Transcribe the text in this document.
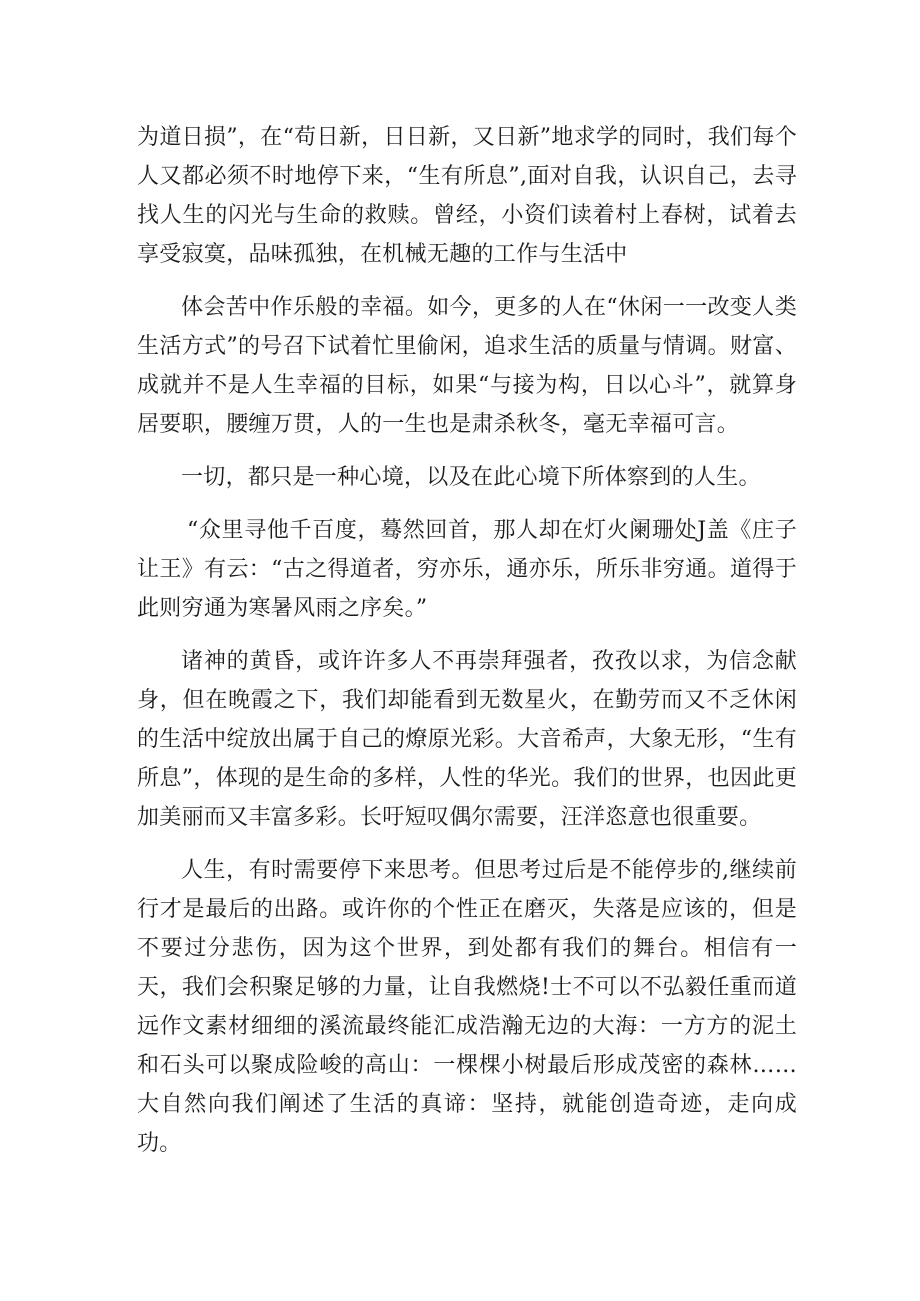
为道日损”，在“苟日新，日日新，又日新”地求学的同时，我们每个人又都必须不时地停下来，“生有所息”,面对自我，认识自己，去寻找人生的闪光与生命的救赎。曾经，小资们读着村上春树，试着去享受寂寞，品味孤独，在机械无趣的工作与生活中

体会苦中作乐般的幸福。如今，更多的人在“休闲一一改变人类生活方式”的号召下试着忙里偷闲，追求生活的质量与情调。财富、成就并不是人生幸福的目标，如果“与接为构，日以心斗”，就算身居要职，腰缠万贯，人的一生也是肃杀秋冬，毫无幸福可言。

一切，都只是一种心境，以及在此心境下所体察到的人生。

“众里寻他千百度，蓦然回首，那人却在灯火阑珊处J盖《庄子让王》有云：“古之得道者，穷亦乐，通亦乐，所乐非穷通。道得于此则穷通为寒暑风雨之序矣。”

诸神的黄昏，或许许多人不再崇拜强者，孜孜以求，为信念献身，但在晚霞之下，我们却能看到无数星火，在勤劳而又不乏休闲的生活中绽放出属于自己的燎原光彩。大音希声，大象无形，“生有所息”，体现的是生命的多样，人性的华光。我们的世界，也因此更加美丽而又丰富多彩。长吁短叹偶尔需要，汪洋恣意也很重要。

人生，有时需要停下来思考。但思考过后是不能停步的,继续前行才是最后的出路。或许你的个性正在磨灭，失落是应该的，但是不要过分悲伤，因为这个世界，到处都有我们的舞台。相信有一天，我们会积聚足够的力量，让自我燃烧!士不可以不弘毅任重而道远作文素材细细的溪流最终能汇成浩瀚无边的大海：一方方的泥土和石头可以聚成险峻的高山：一棵棵小树最后形成茂密的森林……大自然向我们阐述了生活的真谛：坚持，就能创造奇迹，走向成功。
